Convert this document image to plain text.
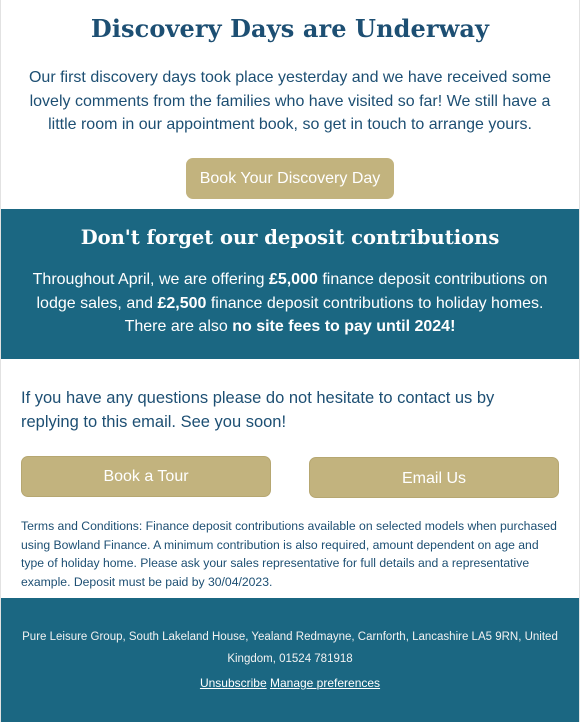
Discovery Days are Underway

Our first discovery days took place yesterday and we have received some lovely comments from the families who have visited so far! We still have a little room in our appointment book, so get in touch to arrange yours.

Book Your Discovery Day
Don't forget our deposit contributions

Throughout April, we are offering £5,000 finance deposit contributions on lodge sales, and £2,500 finance deposit contributions to holiday homes. There are also no site fees to pay until 2024!

If you have any questions please do not hesitate to contact us by replying to this email. See you soon!

Book a Tour	Email Us

Terms and Conditions: Finance deposit contributions available on selected models when purchased using Bowland Finance. A minimum contribution is also required, amount dependent on age and type of holiday home. Please ask your sales representative for full details and a representative example. Deposit must be paid by 30/04/2023.

Pure Leisure Group, South Lakeland House, Yealand Redmayne, Carnforth, Lancashire LA5 9RN, United Kingdom, 01524 781918

Unsubscribe Manage preferences
